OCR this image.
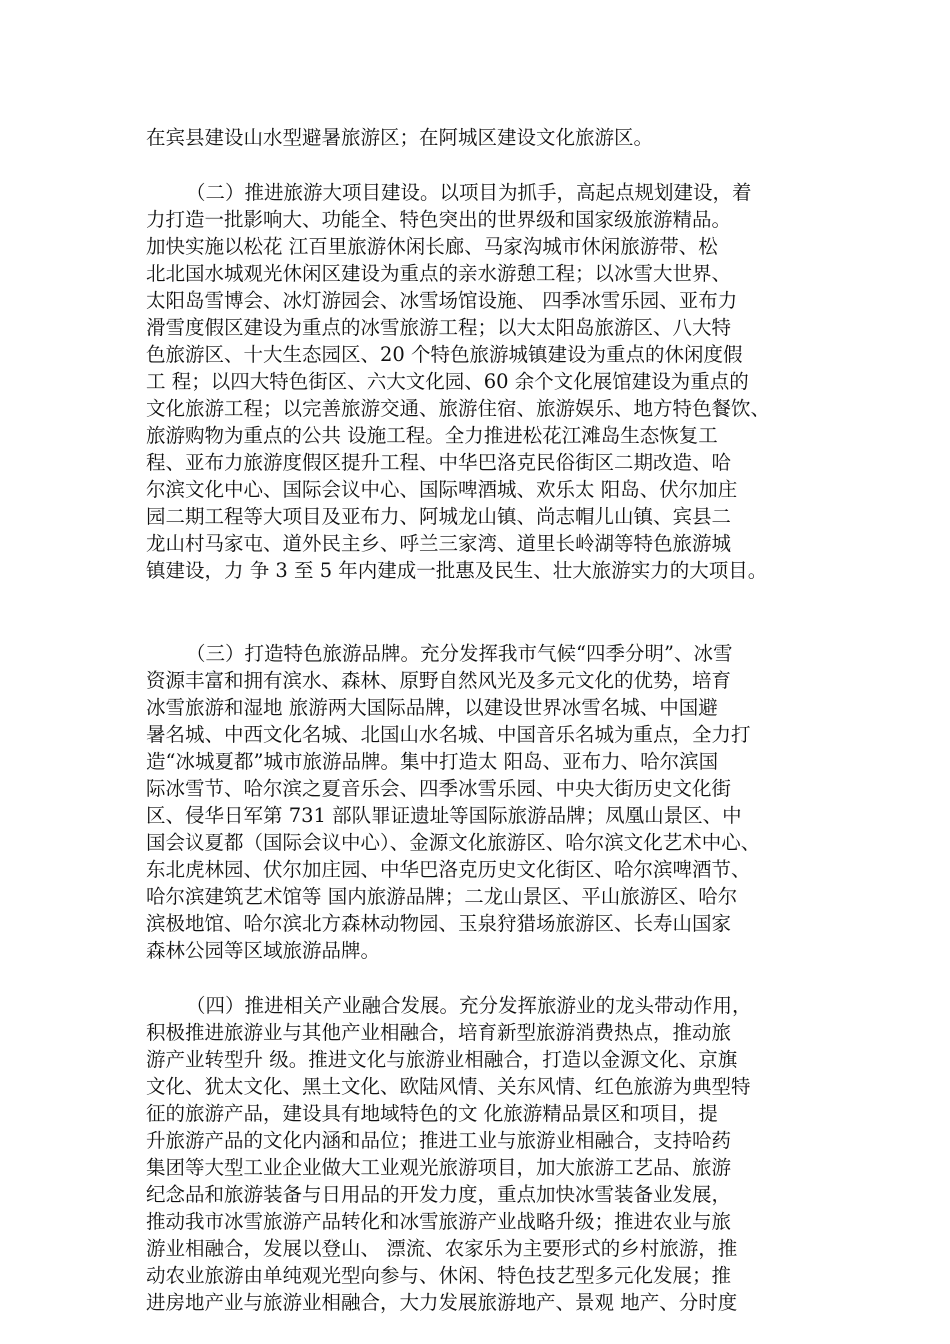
在宾县建设山水型避暑旅游区；在阿城区建设文化旅游区。

（二）推进旅游大项目建设。以项目为抓手，高起点规划建设，着

力打造一批影响大、功能全、特色突出的世界级和国家级旅游精品。

加快实施以松花 江百里旅游休闲长廊、马家沟城市休闲旅游带、松

北北国水城观光休闲区建设为重点的亲水游憩工程；以冰雪大世界、

太阳岛雪博会、冰灯游园会、冰雪场馆设施、 四季冰雪乐园、亚布力

滑雪度假区建设为重点的冰雪旅游工程；以大太阳岛旅游区、八大特

色旅游区、十大生态园区、20 个特色旅游城镇建设为重点的休闲度假

工 程；以四大特色街区、六大文化园、60 余个文化展馆建设为重点的

文化旅游工程；以完善旅游交通、旅游住宿、旅游娱乐、地方特色餐饮、

旅游购物为重点的公共 设施工程。全力推进松花江滩岛生态恢复工

程、亚布力旅游度假区提升工程、中华巴洛克民俗街区二期改造、哈

尔滨文化中心、国际会议中心、国际啤酒城、欢乐太 阳岛、伏尔加庄

园二期工程等大项目及亚布力、阿城龙山镇、尚志帽儿山镇、宾县二

龙山村马家屯、道外民主乡、呼兰三家湾、道里长岭湖等特色旅游城

镇建设，力 争 3 至 5 年内建成一批惠及民生、壮大旅游实力的大项目。

（三）打造特色旅游品牌。充分发挥我市气候“四季分明”、冰雪

资源丰富和拥有滨水、森林、原野自然风光及多元文化的优势，培育

冰雪旅游和湿地 旅游两大国际品牌，以建设世界冰雪名城、中国避

暑名城、中西文化名城、北国山水名城、中国音乐名城为重点，全力打

造“冰城夏都”城市旅游品牌。集中打造太 阳岛、亚布力、哈尔滨国

际冰雪节、哈尔滨之夏音乐会、四季冰雪乐园、中央大街历史文化街

区、侵华日军第 731 部队罪证遗址等国际旅游品牌；凤凰山景区、中

国会议夏都（国际会议中心）、金源文化旅游区、哈尔滨文化艺术中心、

东北虎林园、伏尔加庄园、中华巴洛克历史文化街区、哈尔滨啤酒节、

哈尔滨建筑艺术馆等 国内旅游品牌；二龙山景区、平山旅游区、哈尔

滨极地馆、哈尔滨北方森林动物园、玉泉狩猎场旅游区、长寿山国家

森林公园等区域旅游品牌。

（四）推进相关产业融合发展。充分发挥旅游业的龙头带动作用，

积极推进旅游业与其他产业相融合，培育新型旅游消费热点，推动旅

游产业转型升 级。推进文化与旅游业相融合，打造以金源文化、京旗

文化、犹太文化、黑土文化、欧陆风情、关东风情、红色旅游为典型特

征的旅游产品，建设具有地域特色的文 化旅游精品景区和项目，提

升旅游产品的文化内涵和品位；推进工业与旅游业相融合，支持哈药

集团等大型工业企业做大工业观光旅游项目，加大旅游工艺品、旅游

纪念品和旅游装备与日用品的开发力度，重点加快冰雪装备业发展，

推动我市冰雪旅游产品转化和冰雪旅游产业战略升级；推进农业与旅

游业相融合，发展以登山、 漂流、农家乐为主要形式的乡村旅游，推

动农业旅游由单纯观光型向参与、休闲、特色技艺型多元化发展；推

进房地产业与旅游业相融合，大力发展旅游地产、景观 地产、分时度
